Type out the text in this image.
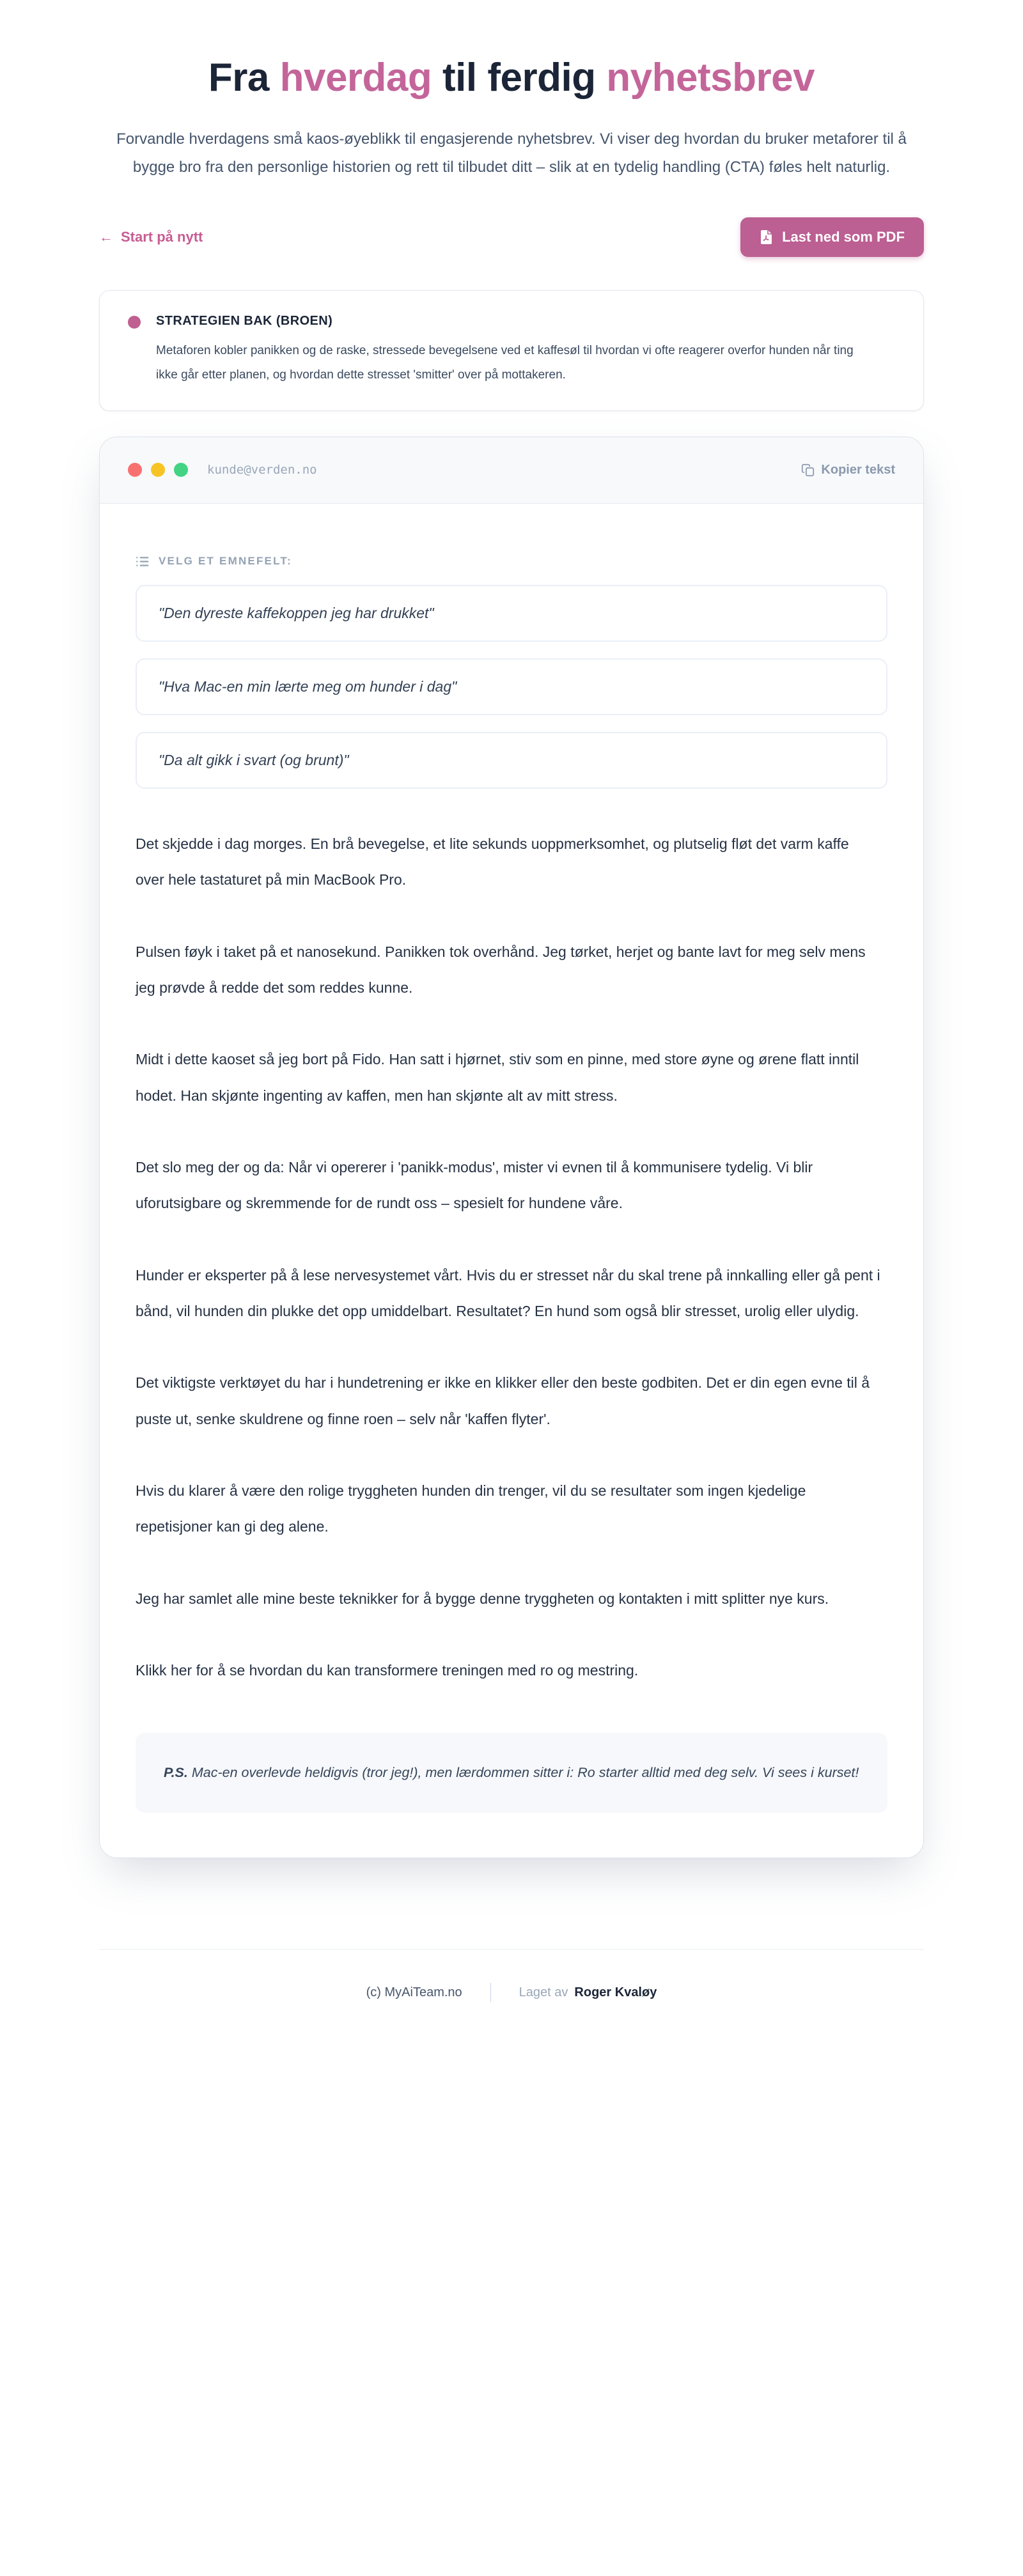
Fra hverdag til ferdig nyhetsbrev

Forvandle hverdagens små kaos-øyeblikk til engasjerende nyhetsbrev. Vi viser deg hvordan du bruker metaforer til å bygge bro fra den personlige historien og rett til tilbudet ditt – slik at en tydelig handling (CTA) føles helt naturlig.

← Start på nytt	Last ned som PDF
STRATEGIEN BAK (BROEN)
Metaforen kobler panikken og de raske, stressede bevegelsene ved et kaffesøl til hvordan vi ofte reagerer overfor hunden når ting ikke går etter planen, og hvordan dette stresset 'smitter' over på mottakeren.
kunde@verden.no	Kopier tekst
VELG ET EMNEFELT:
"Den dyreste kaffekoppen jeg har drukket"
"Hva Mac-en min lærte meg om hunder i dag"
"Da alt gikk i svart (og brunt)"

Det skjedde i dag morges. En brå bevegelse, et lite sekunds uoppmerksomhet, og plutselig fløt det varm kaffe over hele tastaturet på min MacBook Pro.

Pulsen føyk i taket på et nanosekund. Panikken tok overhånd. Jeg tørket, herjet og bante lavt for meg selv mens jeg prøvde å redde det som reddes kunne.

Midt i dette kaoset så jeg bort på Fido. Han satt i hjørnet, stiv som en pinne, med store øyne og ørene flatt inntil hodet. Han skjønte ingenting av kaffen, men han skjønte alt av mitt stress.

Det slo meg der og da: Når vi opererer i 'panikk-modus', mister vi evnen til å kommunisere tydelig. Vi blir uforutsigbare og skremmende for de rundt oss – spesielt for hundene våre.

Hunder er eksperter på å lese nervesystemet vårt. Hvis du er stresset når du skal trene på innkalling eller gå pent i bånd, vil hunden din plukke det opp umiddelbart. Resultatet? En hund som også blir stresset, urolig eller ulydig.

Det viktigste verktøyet du har i hundetrening er ikke en klikker eller den beste godbiten. Det er din egen evne til å puste ut, senke skuldrene og finne roen – selv når 'kaffen flyter'.

Hvis du klarer å være den rolige tryggheten hunden din trenger, vil du se resultater som ingen kjedelige repetisjoner kan gi deg alene.

Jeg har samlet alle mine beste teknikker for å bygge denne tryggheten og kontakten i mitt splitter nye kurs.

Klikk her for å se hvordan du kan transformere treningen med ro og mestring.

P.S. Mac-en overlevde heldigvis (tror jeg!), men lærdommen sitter i: Ro starter alltid med deg selv. Vi sees i kurset!
(c) MyAiTeam.no	Laget av Roger Kvaløy
